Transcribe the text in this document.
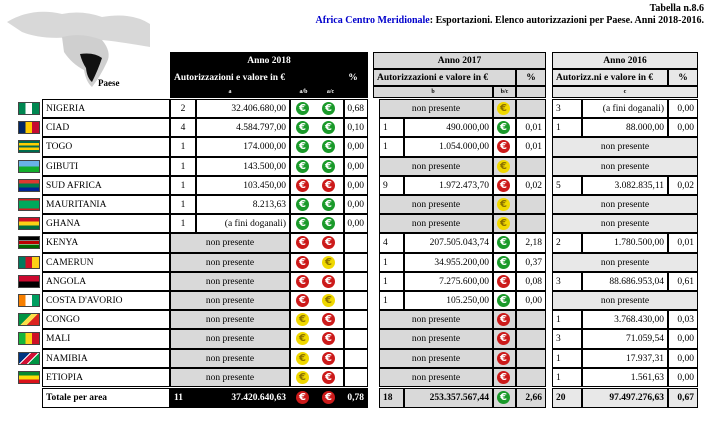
Paese
Tabella n.8.6
Africa Centro Meridionale: Esportazioni. Elenco autorizzazioni per Paese. Anni 2018-2016.
Anno 2018
Autorizzazioni e valore in €	%
a	a/b	a/c
Anno 2017
Autorizzazioni e valore in €	%
b	b/c
Anno 2016
Autorizz.ni e valore in €	%
c
NIGERIA	2	32.406.680,00	€	€	0,68	non presente	€	3	(a fini doganali)	0,00
CIAD	4	4.584.797,00	€	€	0,10	1	490.000,00	€	0,01	1	88.000,00	0,00
TOGO	1	174.000,00	€	€	0,00	1	1.054.000,00	€	0,01	non presente
GIBUTI	1	143.500,00	€	€	0,00	non presente	€	non presente
SUD AFRICA	1	103.450,00	€	€	0,00	9	1.972.473,70	€	0,02	5	3.082.835,11	0,02
MAURITANIA	1	8.213,63	€	€	0,00	non presente	€	non presente
GHANA	1	(a fini doganali)	€	€	0,00	non presente	€	non presente
KENYA	non presente	€	€	4	207.505.043,74	€	2,18	2	1.780.500,00	0,01
CAMERUN	non presente	€	€	1	34.955.200,00	€	0,37	non presente
ANGOLA	non presente	€	€	1	7.275.600,00	€	0,08	3	88.686.953,04	0,61
COSTA D'AVORIO	non presente	€	€	1	105.250,00	€	0,00	non presente
CONGO	non presente	€	€	non presente	€	1	3.768.430,00	0,03
MALI	non presente	€	€	non presente	€	3	71.059,54	0,00
NAMIBIA	non presente	€	€	non presente	€	1	17.937,31	0,00
ETIOPIA	non presente	€	€	non presente	€	1	1.561,63	0,00
Totale per area	11	37.420.640,63	€	€	0,78	18	253.357.567,44	€	2,66	20	97.497.276,63	0,67
